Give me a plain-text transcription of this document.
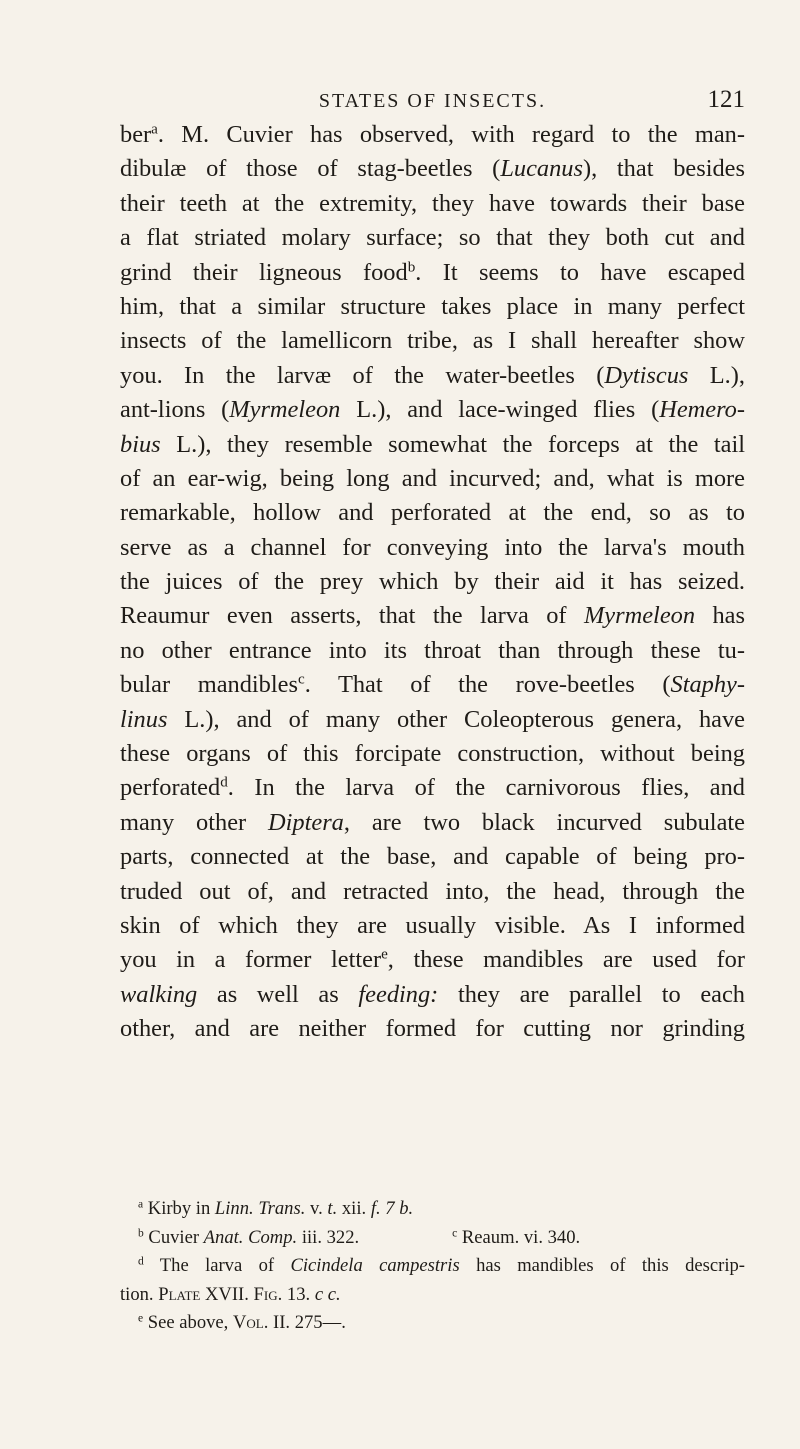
STATES OF INSECTS.	121
ber$^a$. M. Cuvier has observed, with regard to the man-
dibulæ of those of stag-beetles (Lucanus), that besides
their teeth at the extremity, they have towards their base
a flat striated molary surface; so that they both cut and
grind their ligneous food$^b$. It seems to have escaped
him, that a similar structure takes place in many perfect
insects of the lamellicorn tribe, as I shall hereafter show
you. In the larvæ of the water-beetles (Dytiscus L.),
ant-lions (Myrmeleon L.), and lace-winged flies (Hemero-
bius L.), they resemble somewhat the forceps at the tail
of an ear-wig, being long and incurved; and, what is more
remarkable, hollow and perforated at the end, so as to
serve as a channel for conveying into the larva's mouth
the juices of the prey which by their aid it has seized.
Reaumur even asserts, that the larva of Myrmeleon has
no other entrance into its throat than through these tu-
bular mandibles$^c$. That of the rove-beetles (Staphy-
linus L.), and of many other Coleopterous genera, have
these organs of this forcipate construction, without being
perforated$^d$. In the larva of the carnivorous flies, and
many other Diptera, are two black incurved subulate
parts, connected at the base, and capable of being pro-
truded out of, and retracted into, the head, through the
skin of which they are usually visible. As I informed
you in a former letter$^e$, these mandibles are used for
walking as well as feeding: they are parallel to each
other, and are neither formed for cutting nor grinding
$^a$ Kirby in Linn. Trans. v. t. xii. f. 7 b.
$^b$ Cuvier Anat. Comp. iii. 322.                    $^c$ Reaum. vi. 340.
$^d$ The larva of Cicindela campestris has mandibles of this descrip-
tion. Plate XVII. Fig. 13. c c.
$^e$ See above, Vol. II. 275—.
